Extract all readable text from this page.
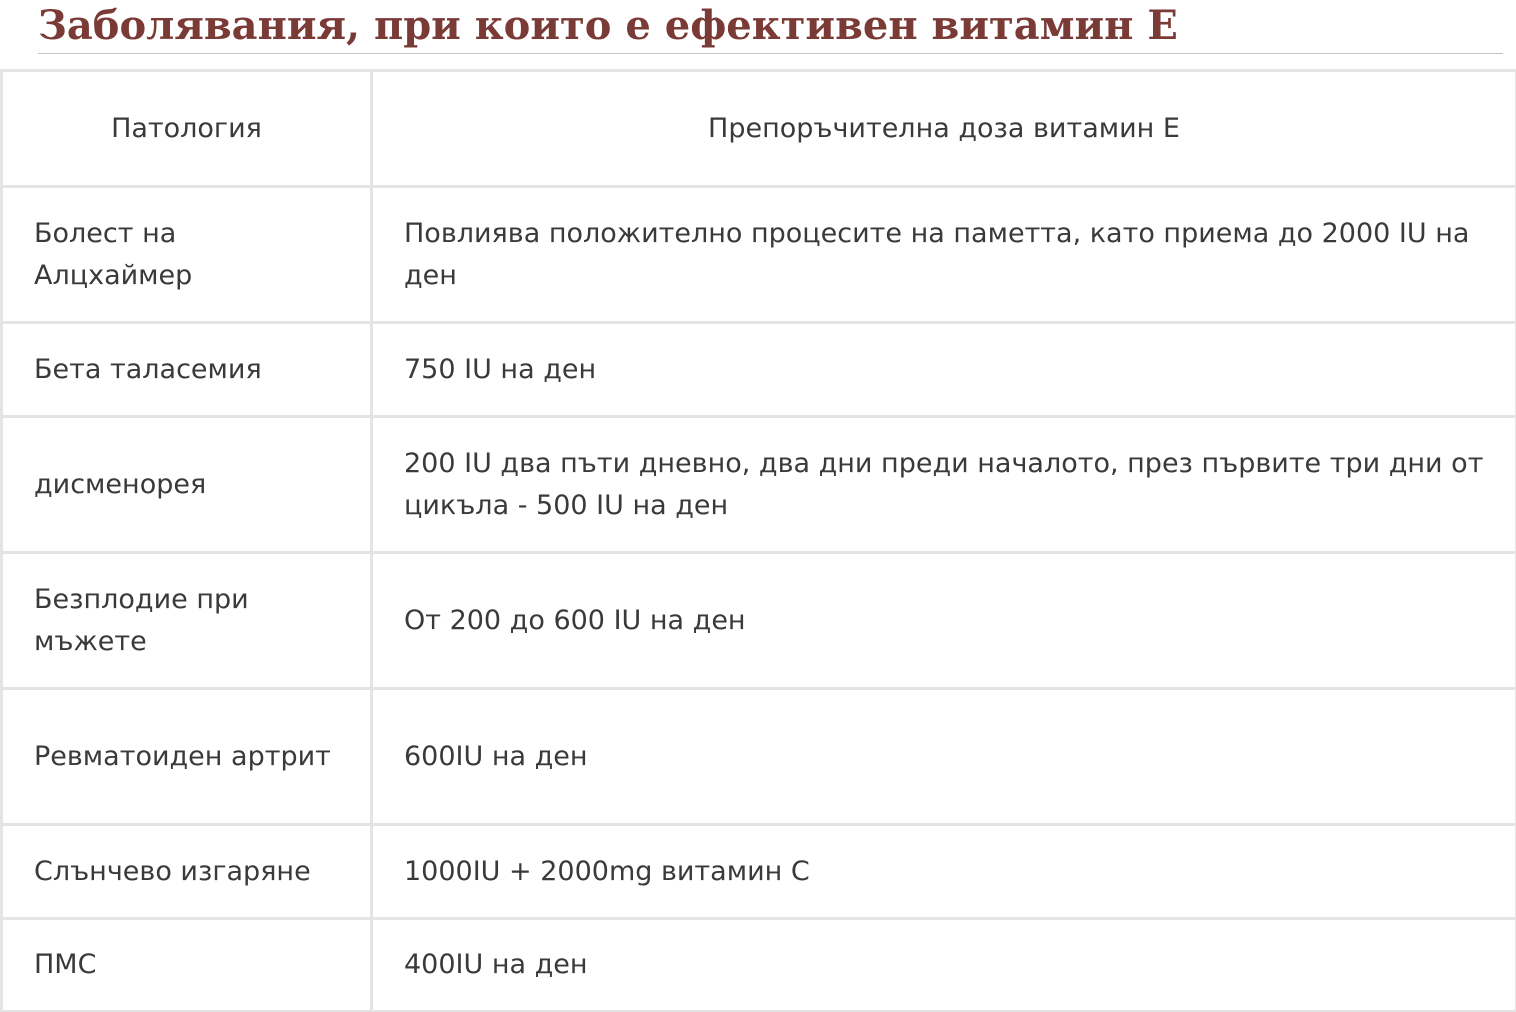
Заболявания, при които е ефективен витамин Е
Патология	Препоръчителна доза витамин Е
Болест на Алцхаймер	Повлиява положително процесите на паметта, като приема до 2000 IU на ден
Бета таласемия	750 IU на ден
дисменорея	200 IU два пъти дневно, два дни преди началото, през първите три дни от цикъла - 500 IU на ден
Безплодие при мъжете	От 200 до 600 IU на ден
Ревматоиден артрит	600IU на ден
Слънчево изгаряне	1000IU + 2000mg витамин С
ПМС	400IU на ден
